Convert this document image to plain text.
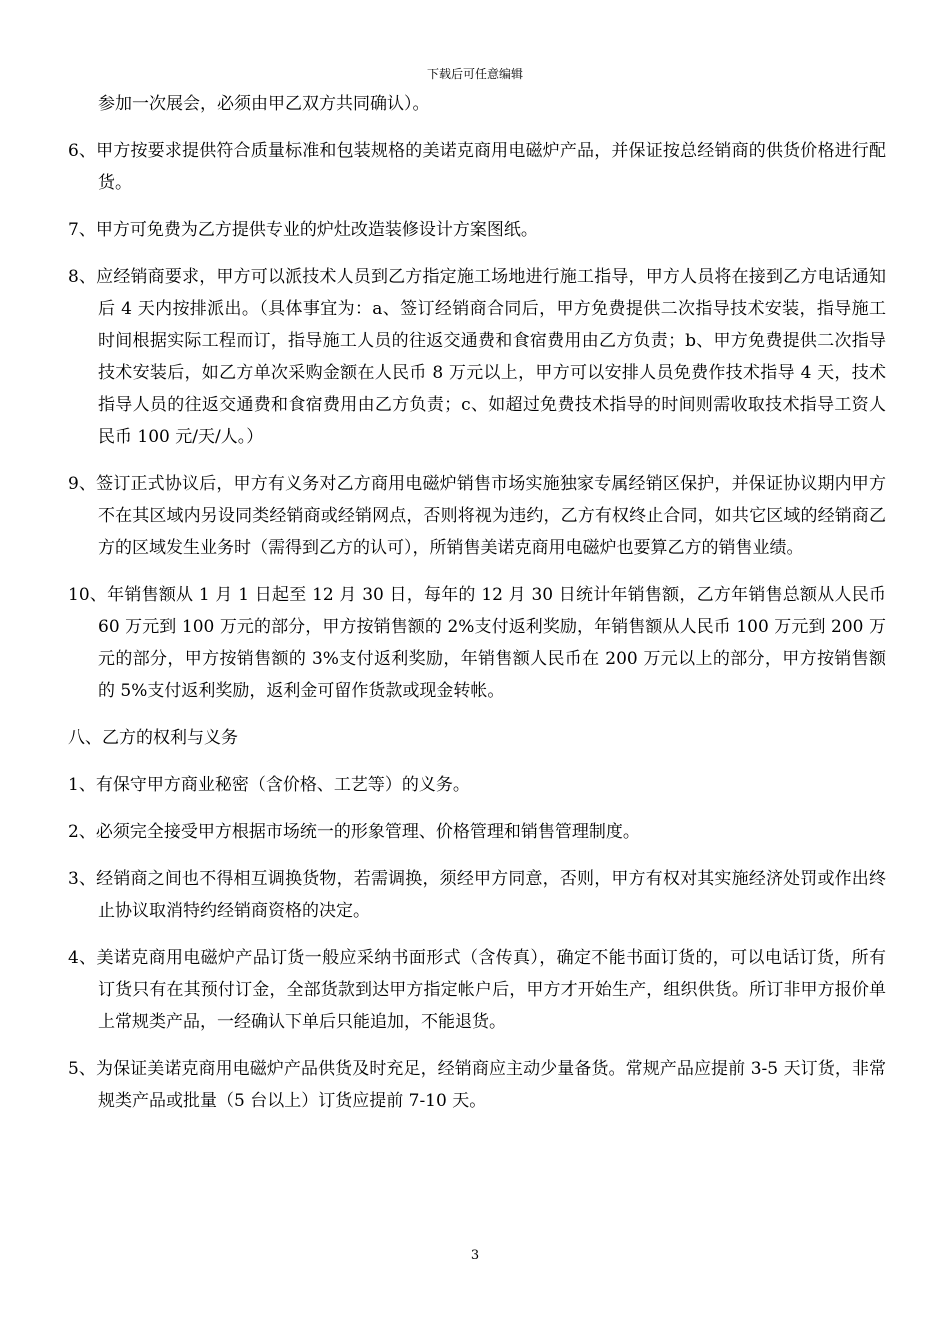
下载后可任意编辑

参加一次展会，必须由甲乙双方共同确认）。

6、甲方按要求提供符合质量标准和包装规格的美诺克商用电磁炉产品，并保证按总经销商的供货价格进行配货。

7、甲方可免费为乙方提供专业的炉灶改造装修设计方案图纸。

8、应经销商要求，甲方可以派技术人员到乙方指定施工场地进行施工指导，甲方人员将在接到乙方电话通知后 4 天内按排派出。（具体事宜为：a、签订经销商合同后，甲方免费提供二次指导技术安装，指导施工时间根据实际工程而订，指导施工人员的往返交通费和食宿费用由乙方负责；b、甲方免费提供二次指导技术安装后，如乙方单次采购金额在人民币 8 万元以上，甲方可以安排人员免费作技术指导 4 天，技术指导人员的往返交通费和食宿费用由乙方负责；c、如超过免费技术指导的时间则需收取技术指导工资人民币 100 元/天/人。）

9、签订正式协议后，甲方有义务对乙方商用电磁炉销售市场实施独家专属经销区保护，并保证协议期内甲方不在其区域内另设同类经销商或经销网点，否则将视为违约，乙方有权终止合同，如共它区域的经销商乙方的区域发生业务时（需得到乙方的认可），所销售美诺克商用电磁炉也要算乙方的销售业绩。

10、年销售额从 1 月 1 日起至 12 月 30 日，每年的 12 月 30 日统计年销售额，乙方年销售总额从人民币 60 万元到 100 万元的部分，甲方按销售额的 2%支付返利奖励，年销售额从人民币 100 万元到 200 万元的部分，甲方按销售额的 3%支付返利奖励，年销售额人民币在 200 万元以上的部分，甲方按销售额的 5%支付返利奖励，返利金可留作货款或现金转帐。

八、乙方的权利与义务

1、有保守甲方商业秘密（含价格、工艺等）的义务。

2、必须完全接受甲方根据市场统一的形象管理、价格管理和销售管理制度。

3、经销商之间也不得相互调换货物，若需调换，须经甲方同意，否则，甲方有权对其实施经济处罚或作出终止协议取消特约经销商资格的决定。

4、美诺克商用电磁炉产品订货一般应采纳书面形式（含传真），确定不能书面订货的，可以电话订货，所有订货只有在其预付订金，全部货款到达甲方指定帐户后，甲方才开始生产，组织供货。所订非甲方报价单上常规类产品，一经确认下单后只能追加，不能退货。

5、为保证美诺克商用电磁炉产品供货及时充足，经销商应主动少量备货。常规产品应提前 3-5 天订货，非常规类产品或批量（5 台以上）订货应提前 7-10 天。

3
